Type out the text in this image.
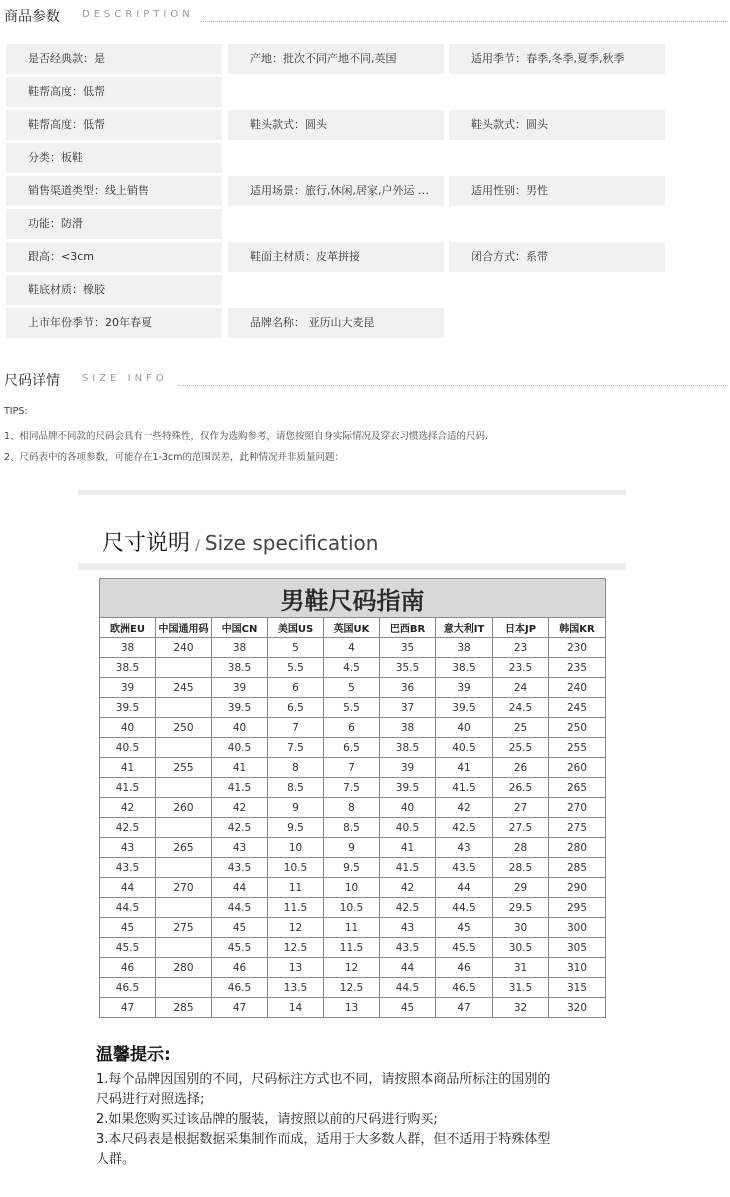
商品参数 DESCRIPTION
是否经典款：是	产地：批次不同产地不同,英国	适用季节：春季,冬季,夏季,秋季
鞋帮高度：低帮
鞋帮高度：低帮	鞋头款式：圆头	鞋头款式：圆头
分类：板鞋
销售渠道类型：线上销售	适用场景：旅行,休闲,居家,户外运 …	适用性别：男性
功能：防滑
跟高：<3cm	鞋面主材质：皮革拼接	闭合方式：系带
鞋底材质：橡胶
上市年份季节：20年春夏	品牌名称： 亚历山大麦昆
尺码详情 SIZE INFO
TIPS:
1、相同品牌不同款的尺码会具有一些特殊性，仅作为选购参考，请您按照自身实际情况及穿衣习惯选择合适的尺码.
2、尺码表中的各项参数，可能存在1-3cm的范围误差，此种情况并非质量问题：
尺寸说明 / Size specification
男鞋尺码指南								
欧洲EU	中国通用码	中国CN	美国US	英国UK	巴西BR	意大利IT	日本JP	韩国KR
38	240	38	5	4	35	38	23	230
38.5		38.5	5.5	4.5	35.5	38.5	23.5	235
39	245	39	6	5	36	39	24	240
39.5		39.5	6.5	5.5	37	39.5	24.5	245
40	250	40	7	6	38	40	25	250
40.5		40.5	7.5	6.5	38.5	40.5	25.5	255
41	255	41	8	7	39	41	26	260
41.5		41.5	8.5	7.5	39.5	41.5	26.5	265
42	260	42	9	8	40	42	27	270
42.5		42.5	9.5	8.5	40.5	42.5	27.5	275
43	265	43	10	9	41	43	28	280
43.5		43.5	10.5	9.5	41.5	43.5	28.5	285
44	270	44	11	10	42	44	29	290
44.5		44.5	11.5	10.5	42.5	44.5	29.5	295
45	275	45	12	11	43	45	30	300
45.5		45.5	12.5	11.5	43.5	45.5	30.5	305
46	280	46	13	12	44	46	31	310
46.5		46.5	13.5	12.5	44.5	46.5	31.5	315
47	285	47	14	13	45	47	32	320
温馨提示:
1.每个品牌因国别的不同，尺码标注方式也不同，请按照本商品所标注的国别的
尺码进行对照选择;
2.如果您购买过该品牌的服装，请按照以前的尺码进行购买;
3.本尺码表是根据数据采集制作而成，适用于大多数人群，但不适用于特殊体型
人群。
